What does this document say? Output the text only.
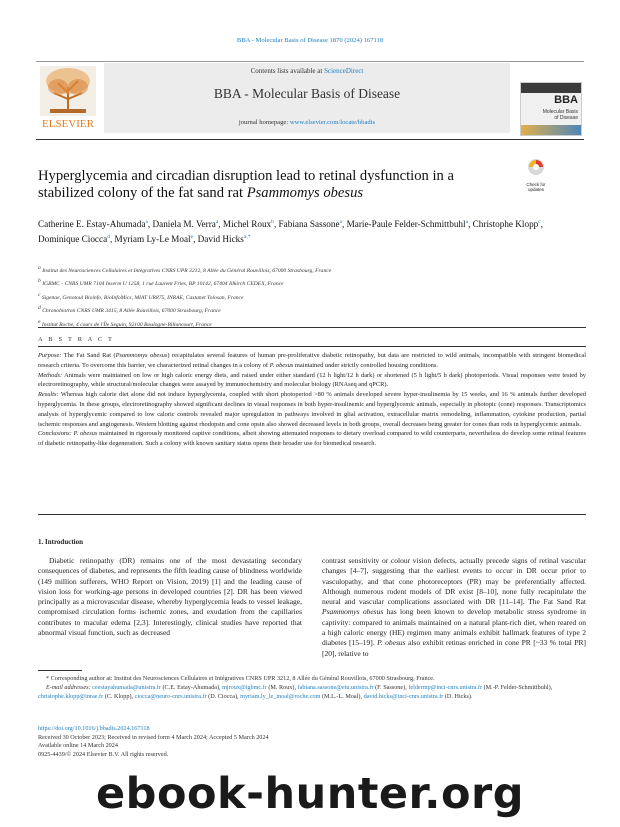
BBA - Molecular Basis of Disease 1870 (2024) 167118
ELSEVIER
Contents lists available at ScienceDirect
BBA - Molecular Basis of Disease
journal homepage: www.elsevier.com/locate/bbadis
BBA
Molecular Basis of Disease
Hyperglycemia and circadian disruption lead to retinal dysfunction in a stabilized colony of the fat sand rat Psammomys obesus
Check for
updates
Catherine E. Estay-Ahumada$^a$, Daniela M. Verra$^a$, Michel Roux$^b$, Fabiana Sassone$^a$, Marie-Paule Felder-Schmittbuhl$^a$, Christophe Klopp$^c$, Dominique Ciocca$^d$, Myriam Ly-Le Moal$^e$, David Hicks$^{a,*}$
a Institut des Neurosciences Cellulaires et Intégratives CNRS UPR 3212, 8 Allée du Général Rouvillois, 67000 Strasbourg, France
b IGBMC - CNRS UMR 7104 Inserm U 1258, 1 rue Laurent Fries, BP 10142, 67404 Illkirch CEDEX, France
c Sigenae, Genotoul Bioinfo, BioInfoMics, MIAT UR875, INRAE, Castanet Tolosan, France
d Chronobiotron CNRS UMR 3415, 8 Allée Rouvillois, 67000 Strasbourg, France
e Institut Roche, 4 cours de l'Île Seguin, 92100 Boulogne-Billancourt, France
A B S T R A C T

Purpose: The Fat Sand Rat (Psammomys obesus) recapitulates several features of human pre-proliferative diabetic retinopathy, but data are restricted to wild animals, incompatible with stringent biomedical research criteria. To overcome this barrier, we characterized retinal changes in a colony of P. obesus maintained under strictly controlled housing conditions.

Methods: Animals were maintained on low or high caloric energy diets, and raised under either standard (12 h light/12 h dark) or shortened (5 h light/5 h dark) photoperiods. Visual responses were tested by electroretinography, while structural/molecular changes were assayed by immunochemistry and molecular biology (RNAseq and qPCR).

Results: Whereas high calorie diet alone did not induce hyperglycemia, coupled with short photoperiod >80 % animals developed severe hyper-insulinemia by 15 weeks, and 16 % animals further developed hyperglycemia. In these groups, electroretinography showed significant declines in visual responses in both hyper-insulinemic and hyperglycemic animals, especially in photopic (cone) responses. Transcriptomics analysis of hyperglycemic compared to low caloric controls revealed major upregulation in pathways involved in glial activation, extracellular matrix remodeling, inflammation, cytokine production, partial ischemic responses and angiogenesis. Western blotting against rhodopsin and cone opsin also showed decreased levels in both groups, overall decreases being greater for cones than rods in hyperglycemic animals.

Conclusions: P. obesus maintained in rigorously monitored captive conditions, albeit showing attenuated responses to dietary overload compared to wild counterparts, nevertheless do develop some retinal features of diabetic retinopathy-like degeneration. Such a colony with known sanitary status opens their broader use for biomedical research.

1. Introduction

Diabetic retinopathy (DR) remains one of the most devastating secondary consequences of diabetes, and represents the fifth leading cause of blindness worldwide (149 million sufferers, WHO Report on Vision, 2019) [1] and the leading cause of vision loss for working-age persons in developed countries [2]. DR has been viewed principally as a microvascular disease, whereby hyperglycemia leads to vessel leakage, compromised circulation forms ischemic zones, and exudation from the capillaries contributes to macular edema [2,3]. Interestingly, clinical studies have reported that abnormal visual function, such as decreased

contrast sensitivity or colour vision defects, actually precede signs of retinal vascular changes [4–7], suggesting that the earliest events to occur in DR occur prior to vasculopathy, and that cone photoreceptors (PR) may be preferentially affected. Although numerous rodent models of DR exist [8–10], none fully recapitulate the neural and vascular complications associated with DR [11–14]. The Fat Sand Rat Psammomys obesus has long been known to develop metabolic stress syndrome in captivity: compared to animals maintained on a natural plant-rich diet, when reared on a high caloric energy (HE) regimen many animals exhibit hallmark features of type 2 diabetes [15–19]. P. obesus also exhibit retinas enriched in cone PR [~33 % total PR] [20], relative to

* Corresponding author at: Institut des Neurosciences Cellulaires et Intégratives CNRS UPR 3212, 8 Allée du Général Rouvillois, 67000 Strasbourg, France.

E-mail addresses: ceestayahumada@unistra.fr (C.E. Estay-Ahumada), mjroux@igbmc.fr (M. Roux), fabiana.sassone@etu.unistra.fr (F. Sassone), feldermp@inci-cnrs.unistra.fr (M.-P. Felder-Schmittbuhl), christophe.klopp@inrae.fr (C. Klopp), ciocca@neuro-cnrs.unistra.fr (D. Ciocca), myriam.ly_le_moal@roche.com (M.L.-L. Moal), david.hicks@inci-cnrs.unistra.fr (D. Hicks).

https://doi.org/10.1016/j.bbadis.2024.167118

Received 30 October 2023; Received in revised form 4 March 2024; Accepted 5 March 2024

Available online 14 March 2024

0925-4439/© 2024 Elsevier B.V. All rights reserved.

ebook-hunter.org
